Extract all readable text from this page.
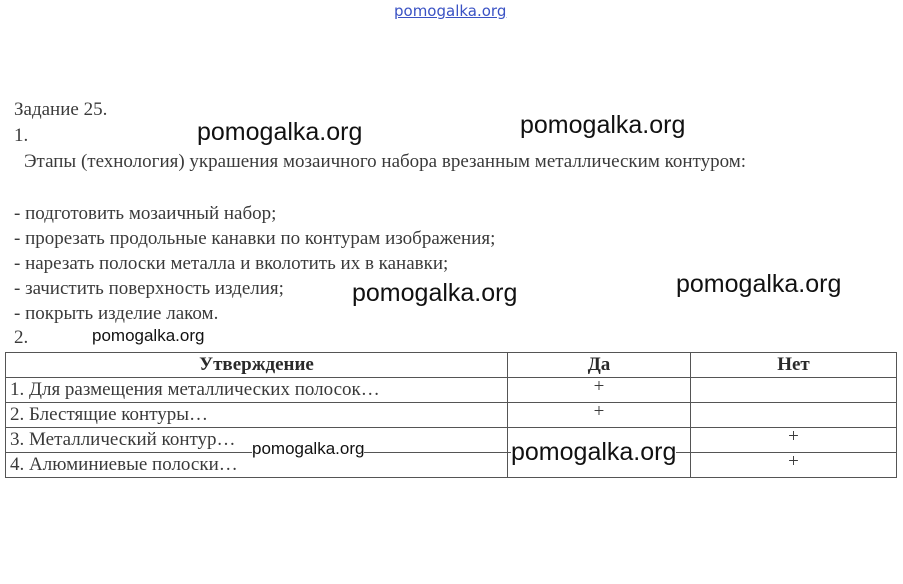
pomogalka.org
Задание 25.
1.
Этапы (технология) украшения мозаичного набора врезанным металлическим контуром:
- подготовить мозаичный набор;
- прорезать продольные канавки по контурам изображения;
- нарезать полоски металла и вколотить их в канавки;
- зачистить поверхность изделия;
- покрыть изделие лаком.
2.
Утверждение	Да	Нет
1. Для размещения металлических полосок…	+	
2. Блестящие контуры…	+	
3. Металлический контур…		+
4. Алюминиевые полоски…		+
pomogalka.org	pomogalka.org
pomogalka.org
pomogalka.org
pomogalka.org
pomogalka.org	pomogalka.org
